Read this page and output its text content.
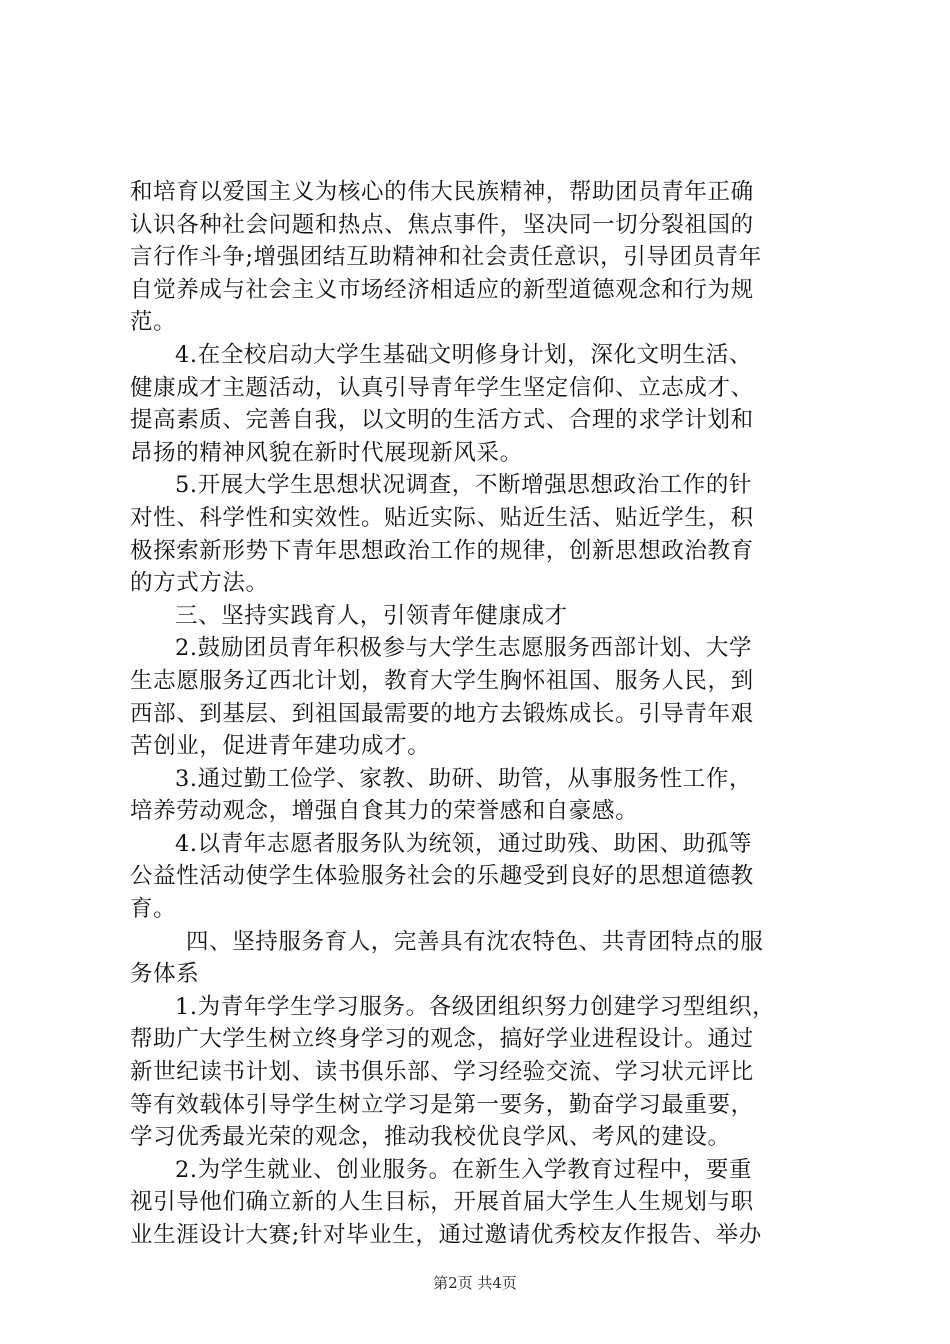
和培育以爱国主义为核心的伟大民族精神，帮助团员青年正确
认识各种社会问题和热点、焦点事件，坚决同一切分裂祖国的
言行作斗争;增强团结互助精神和社会责任意识，引导团员青年
自觉养成与社会主义市场经济相适应的新型道德观念和行为规
范。
4.在全校启动大学生基础文明修身计划，深化文明生活、
健康成才主题活动，认真引导青年学生坚定信仰、立志成才、
提高素质、完善自我，以文明的生活方式、合理的求学计划和
昂扬的精神风貌在新时代展现新风采。
5.开展大学生思想状况调查，不断增强思想政治工作的针
对性、科学性和实效性。贴近实际、贴近生活、贴近学生，积
极探索新形势下青年思想政治工作的规律，创新思想政治教育
的方式方法。
三、坚持实践育人，引领青年健康成才
2.鼓励团员青年积极参与大学生志愿服务西部计划、大学
生志愿服务辽西北计划，教育大学生胸怀祖国、服务人民，到
西部、到基层、到祖国最需要的地方去锻炼成长。引导青年艰
苦创业，促进青年建功成才。
3.通过勤工俭学、家教、助研、助管，从事服务性工作，
培养劳动观念，增强自食其力的荣誉感和自豪感。
4.以青年志愿者服务队为统领，通过助残、助困、助孤等
公益性活动使学生体验服务社会的乐趣受到良好的思想道德教
育。
四、坚持服务育人，完善具有沈农特色、共青团特点的服
务体系
1.为青年学生学习服务。各级团组织努力创建学习型组织，
帮助广大学生树立终身学习的观念，搞好学业进程设计。通过
新世纪读书计划、读书俱乐部、学习经验交流、学习状元评比
等有效载体引导学生树立学习是第一要务，勤奋学习最重要，
学习优秀最光荣的观念，推动我校优良学风、考风的建设。
2.为学生就业、创业服务。在新生入学教育过程中，要重
视引导他们确立新的人生目标，开展首届大学生人生规划与职
业生涯设计大赛;针对毕业生，通过邀请优秀校友作报告、举办
第2页 共4页
